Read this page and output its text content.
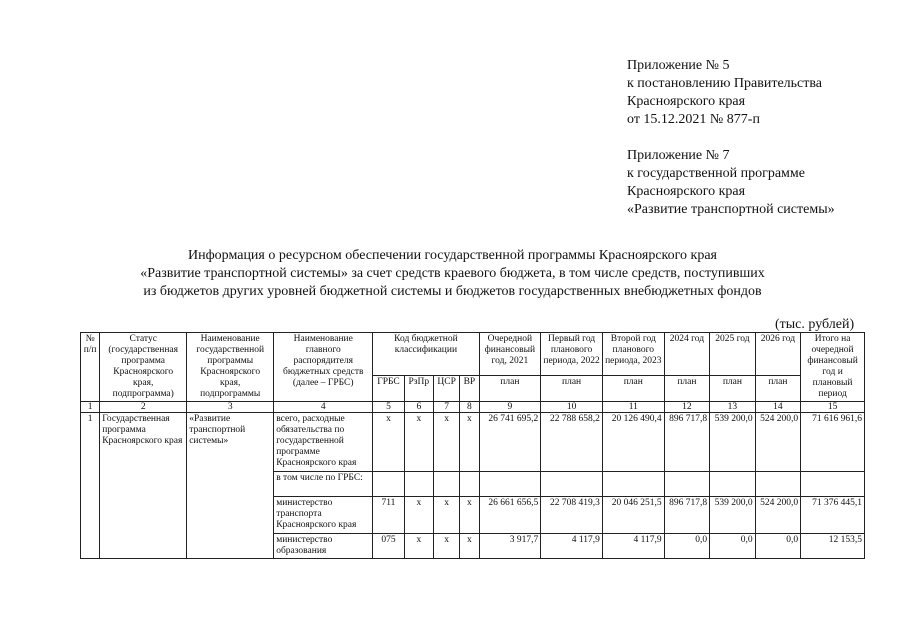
Приложение № 5
к постановлению Правительства
Красноярского края
от 15.12.2021 № 877-п
Приложение № 7
к государственной программе
Красноярского края
«Развитие транспортной системы»
Информация о ресурсном обеспечении государственной программы Красноярского края
«Развитие транспортной системы» за счет средств краевого бюджета, в том числе средств, поступивших
из бюджетов других уровней бюджетной системы и бюджетов государственных внебюджетных фондов
(тыс. рублей)
№ п/п	Статус (государственная программа Красноярского края, подпрограмма)	Наименование государственной программы Красноярского края, подпрограммы	Наименование главного распорядителя бюджетных средств (далее – ГРБС)	Код бюджетной классификации				Очередной финансовый год, 2021	Первый год планового периода, 2022	Второй год планового периода, 2023	2024 год	2025 год	2026 год	Итого на очередной финансовый год и плановый период
				ГРБС	РзПр	ЦСР	ВР	план	план	план	план	план	план	
1	2	3	4	5	6	7	8	9	10	11	12	13	14	15
1	Государственная программа Красноярского края	«Развитие транспортной системы»	всего, расходные обязательства по государственной программе Красноярского края	x	x	x	x	26 741 695,2	22 788 658,2	20 126 490,4	896 717,8	539 200,0	524 200,0	71 616 961,6
			в том числе по ГРБС:											
			министерство транспорта Красноярского края	711	x	x	x	26 661 656,5	22 708 419,3	20 046 251,5	896 717,8	539 200,0	524 200,0	71 376 445,1
			министерство образования	075	x	x	x	3 917,7	4 117,9	4 117,9	0,0	0,0	0,0	12 153,5
